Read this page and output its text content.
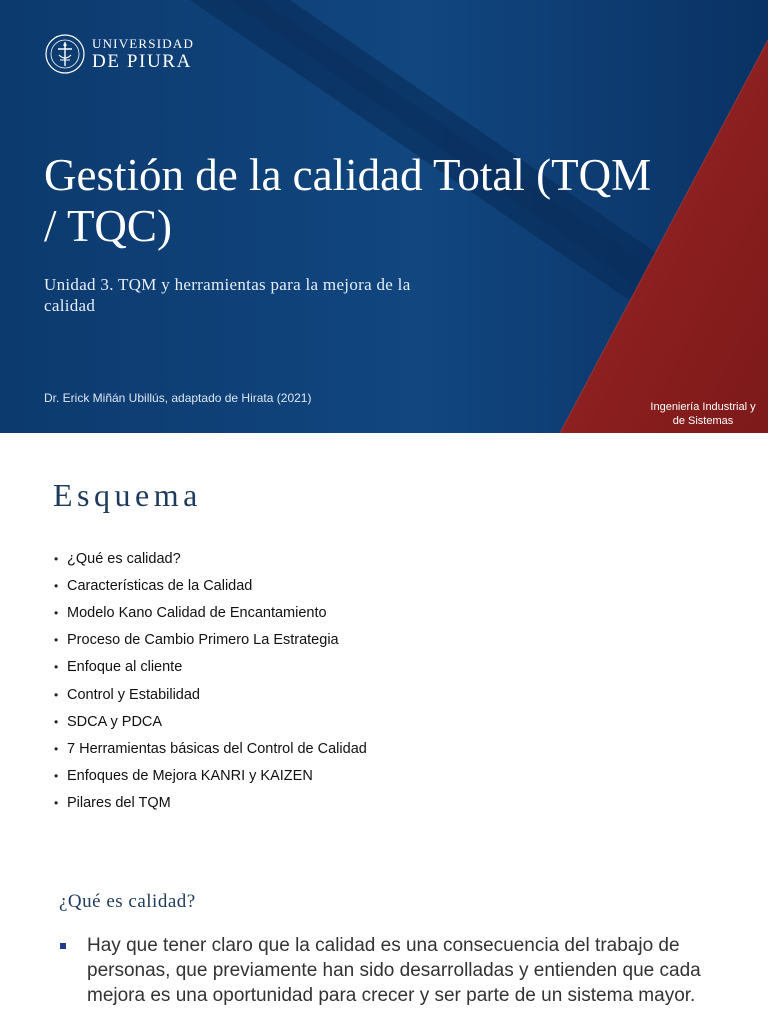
UNIVERSIDAD
DE PIURA
Gestión de la calidad Total (TQM / TQC)
Unidad 3. TQM y herramientas para la mejora de la calidad
Dr. Erick Miñán Ubillús, adaptado de Hirata (2021)
Ingeniería Industrial y de Sistemas
Esquema
• ¿Qué es calidad?
• Características de la Calidad
• Modelo Kano Calidad de Encantamiento
• Proceso de Cambio Primero La Estrategia
• Enfoque al cliente
• Control y Estabilidad
• SDCA y PDCA
• 7 Herramientas básicas del Control de Calidad
• Enfoques de Mejora KANRI y KAIZEN
• Pilares del TQM
¿Qué es calidad?
Hay que tener claro que la calidad es una consecuencia del trabajo de personas, que previamente han sido desarrolladas y entienden que cada mejora es una oportunidad para crecer y ser parte de un sistema mayor.
